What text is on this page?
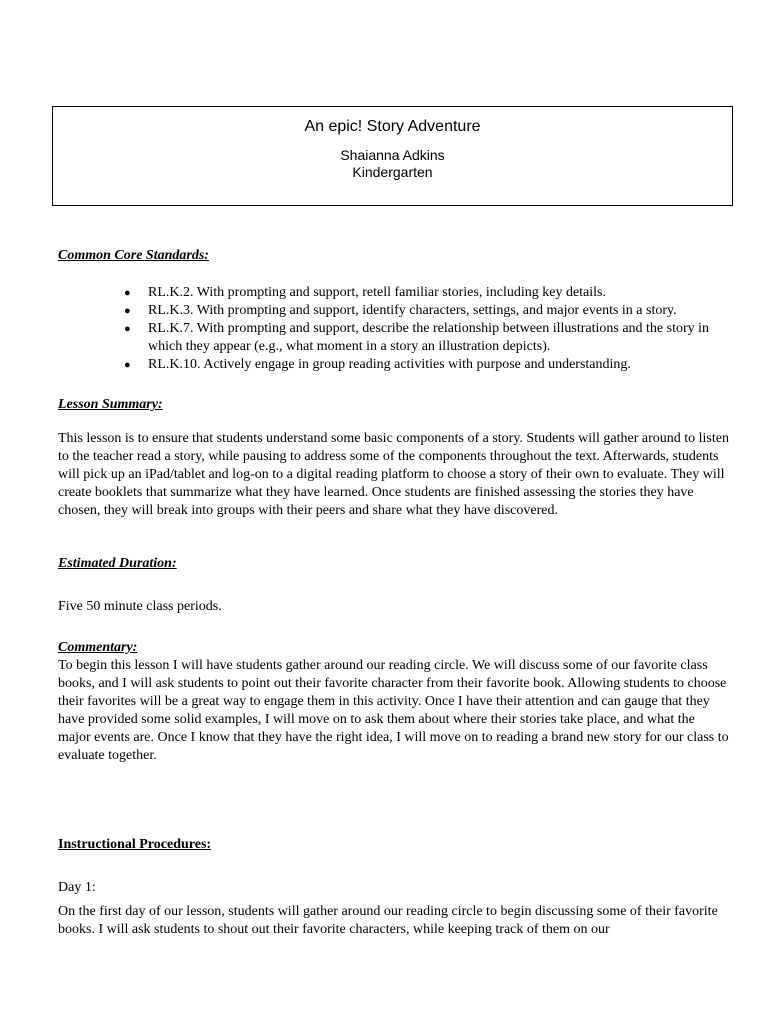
An epic! Story Adventure
Shaianna Adkins
Kindergarten
Common Core Standards:
● RL.K.2. With prompting and support, retell familiar stories, including key details.
● RL.K.3. With prompting and support, identify characters, settings, and major events in a story.
● RL.K.7. With prompting and support, describe the relationship between illustrations and the story in which they appear (e.g., what moment in a story an illustration depicts).
● RL.K.10. Actively engage in group reading activities with purpose and understanding.
Lesson Summary:
This lesson is to ensure that students understand some basic components of a story. Students will gather around to listen to the teacher read a story, while pausing to address some of the components throughout the text. Afterwards, students will pick up an iPad/tablet and log-on to a digital reading platform to choose a story of their own to evaluate. They will create booklets that summarize what they have learned. Once students are finished assessing the stories they have chosen, they will break into groups with their peers and share what they have discovered.
Estimated Duration:
Five 50 minute class periods.
Commentary:
To begin this lesson I will have students gather around our reading circle. We will discuss some of our favorite class books, and I will ask students to point out their favorite character from their favorite book. Allowing students to choose their favorites will be a great way to engage them in this activity. Once I have their attention and can gauge that they have provided some solid examples, I will move on to ask them about where their stories take place, and what the major events are. Once I know that they have the right idea, I will move on to reading a brand new story for our class to evaluate together.
Instructional Procedures:
Day 1:
On the first day of our lesson, students will gather around our reading circle to begin discussing some of their favorite books. I will ask students to shout out their favorite characters, while keeping track of them on our
